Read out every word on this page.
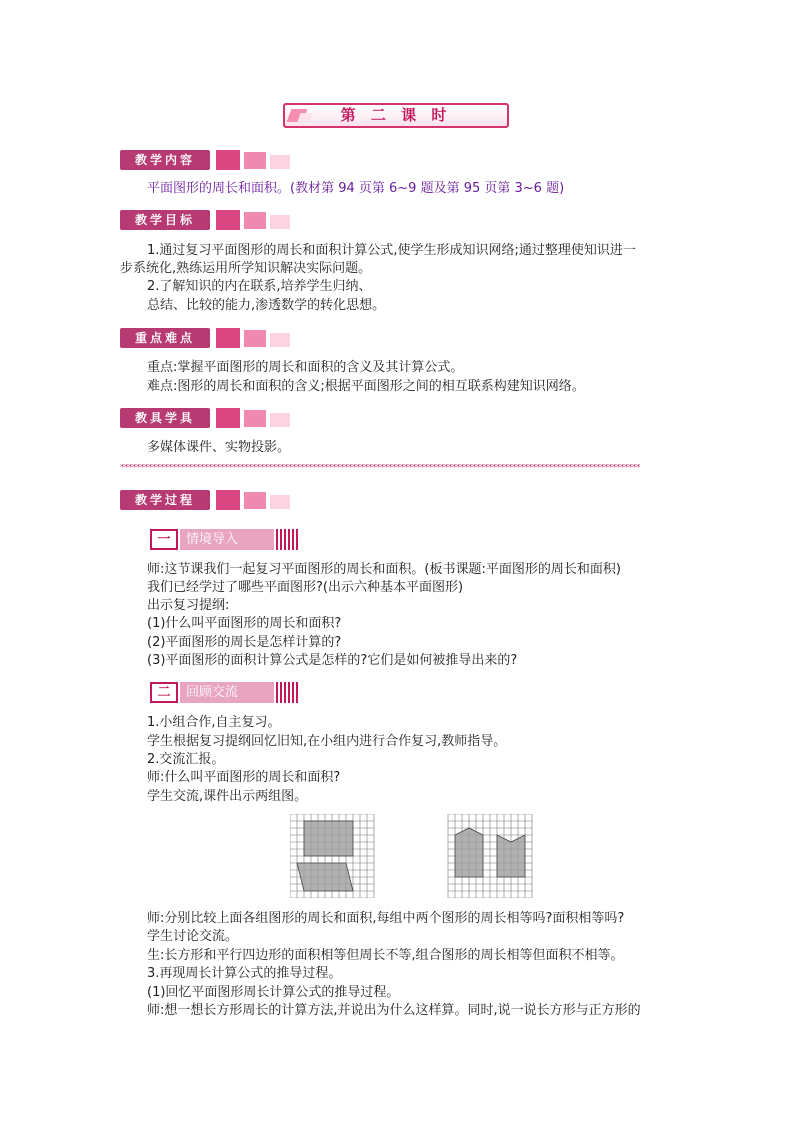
第 二 课 时
教学内容
平面图形的周长和面积。(教材第 94 页第 6~9 题及第 95 页第 3~6 题)
教学目标
1.通过复习平面图形的周长和面积计算公式,使学生形成知识网络;通过整理使知识进一
步系统化,熟练运用所学知识解决实际问题。
2.了解知识的内在联系,培养学生归纳、
总结、比较的能力,渗透数学的转化思想。
重点难点
重点:掌握平面图形的周长和面积的含义及其计算公式。
难点:图形的周长和面积的含义;根据平面图形之间的相互联系构建知识网络。
教具学具
多媒体课件、实物投影。
**********************************************************************************************************************************
教学过程
一	情境导入
师:这节课我们一起复习平面图形的周长和面积。(板书课题:平面图形的周长和面积)
我们已经学过了哪些平面图形?(出示六种基本平面图形)
出示复习提纲:
(1)什么叫平面图形的周长和面积?
(2)平面图形的周长是怎样计算的?
(3)平面图形的面积计算公式是怎样的?它们是如何被推导出来的?
二	回顾交流
1.小组合作,自主复习。
学生根据复习提纲回忆旧知,在小组内进行合作复习,教师指导。
2.交流汇报。
师:什么叫平面图形的周长和面积?
学生交流,课件出示两组图。
师:分别比较上面各组图形的周长和面积,每组中两个图形的周长相等吗?面积相等吗?
学生讨论交流。
生:长方形和平行四边形的面积相等但周长不等,组合图形的周长相等但面积不相等。
3.再现周长计算公式的推导过程。
(1)回忆平面图形周长计算公式的推导过程。
师:想一想长方形周长的计算方法,并说出为什么这样算。同时,说一说长方形与正方形的
